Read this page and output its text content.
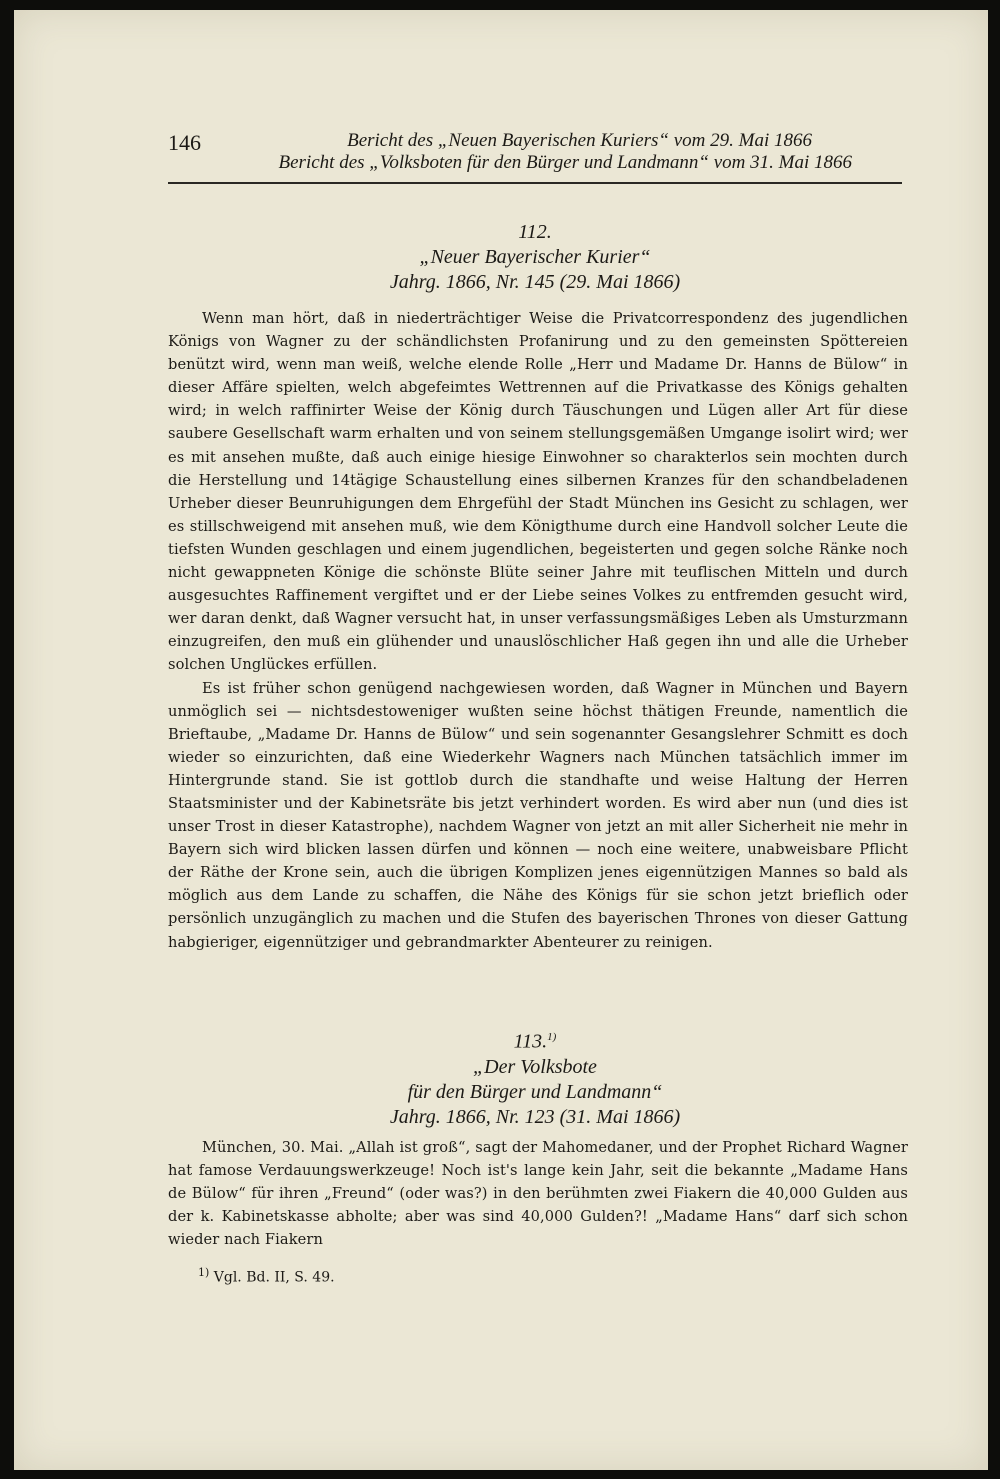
146	Bericht des „Neuen Bayerischen Kuriers“ vom 29. Mai 1866
Bericht des „Volksboten für den Bürger und Landmann“ vom 31. Mai 1866
112.
„Neuer Bayerischer Kurier“
Jahrg. 1866, Nr. 145 (29. Mai 1866)

Wenn man hört, daß in niederträchtiger Weise die Privatcorrespondenz des jugendlichen Königs von Wagner zu der schändlichsten Profanirung und zu den gemeinsten Spöttereien benützt wird, wenn man weiß, welche elende Rolle „Herr und Madame Dr. Hanns de Bülow“ in dieser Affäre spielten, welch abgefeimtes Wettrennen auf die Privatkasse des Königs gehalten wird; in welch raffinirter Weise der König durch Täuschungen und Lügen aller Art für diese saubere Gesellschaft warm erhalten und von seinem stellungsgemäßen Umgange isolirt wird; wer es mit ansehen mußte, daß auch einige hiesige Einwohner so charakterlos sein mochten durch die Herstellung und 14tägige Schaustellung eines silbernen Kranzes für den schandbeladenen Urheber dieser Beunruhigungen dem Ehrgefühl der Stadt München ins Gesicht zu schlagen, wer es stillschweigend mit ansehen muß, wie dem Königthume durch eine Handvoll solcher Leute die tiefsten Wunden geschlagen und einem jugendlichen, begeisterten und gegen solche Ränke noch nicht gewappneten Könige die schönste Blüte seiner Jahre mit teuflischen Mitteln und durch ausgesuchtes Raffinement vergiftet und er der Liebe seines Volkes zu entfremden gesucht wird, wer daran denkt, daß Wagner versucht hat, in unser verfassungsmäßiges Leben als Umsturzmann einzugreifen, den muß ein glühender und unauslöschlicher Haß gegen ihn und alle die Urheber solchen Unglückes erfüllen.

Es ist früher schon genügend nachgewiesen worden, daß Wagner in München und Bayern unmöglich sei — nichtsdestoweniger wußten seine höchst thätigen Freunde, namentlich die Brieftaube, „Madame Dr. Hanns de Bülow“ und sein sogenannter Gesangslehrer Schmitt es doch wieder so einzurichten, daß eine Wiederkehr Wagners nach München tatsächlich immer im Hintergrunde stand. Sie ist gottlob durch die standhafte und weise Haltung der Herren Staatsminister und der Kabinetsräte bis jetzt verhindert worden. Es wird aber nun (und dies ist unser Trost in dieser Katastrophe), nachdem Wagner von jetzt an mit aller Sicherheit nie mehr in Bayern sich wird blicken lassen dürfen und können — noch eine weitere, unabweisbare Pflicht der Räthe der Krone sein, auch die übrigen Komplizen jenes eigennützigen Mannes so bald als möglich aus dem Lande zu schaffen, die Nähe des Königs für sie schon jetzt brieflich oder persönlich unzugänglich zu machen und die Stufen des bayerischen Thrones von dieser Gattung habgieriger, eigennütziger und gebrandmarkter Abenteurer zu reinigen.

113.$^{1)}$
„Der Volksbote
für den Bürger und Landmann“
Jahrg. 1866, Nr. 123 (31. Mai 1866)

München, 30. Mai. „Allah ist groß“, sagt der Mahomedaner, und der Prophet Richard Wagner hat famose Verdauungswerkzeuge! Noch ist's lange kein Jahr, seit die bekannte „Madame Hans de Bülow“ für ihren „Freund“ (oder was?) in den berühmten zwei Fiakern die 40,000 Gulden aus der k. Kabinetskasse abholte; aber was sind 40,000 Gulden?! „Madame Hans“ darf sich schon wieder nach Fiakern

$^{1)}$ Vgl. Bd. II, S. 49.
